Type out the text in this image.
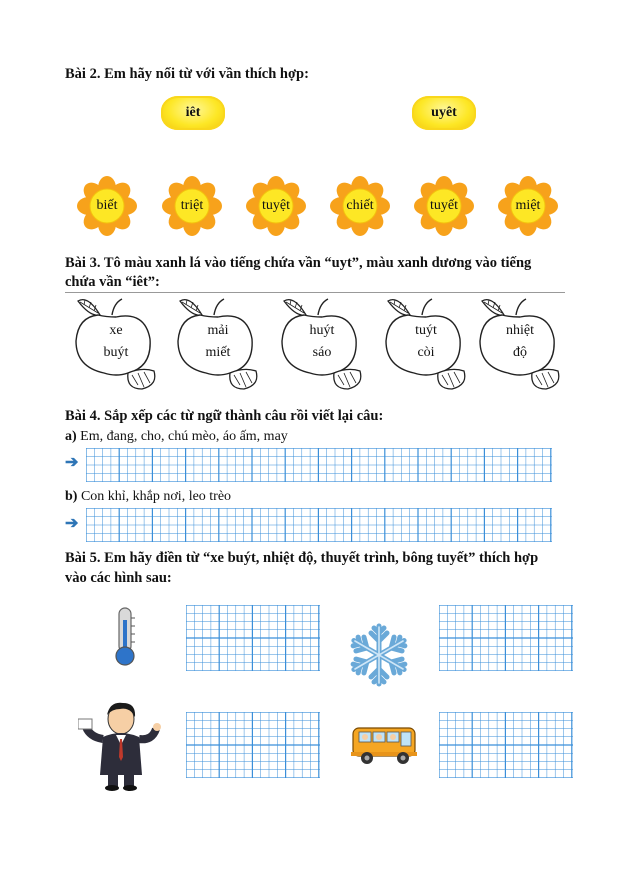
Bài 2. Em hãy nối từ với vần thích hợp:
iêt	uyêt
biết	triệt	tuyệt	chiết	tuyết	miệt
Bài 3. Tô màu xanh lá vào tiếng chứa vần “uyt”, màu xanh dương vào tiếng
chứa vần “iêt”:
xe
buýt
mải
miết
huýt
sáo
tuýt
còi
nhiệt
độ
Bài 4. Sắp xếp các từ ngữ thành câu rồi viết lại câu:
a) Em, đang, cho, chú mèo, áo ấm, may
➔
b) Con khỉ, khắp nơi, leo trèo
➔
Bài 5. Em hãy điền từ “xe buýt, nhiệt độ, thuyết trình, bông tuyết” thích hợp
vào các hình sau:
